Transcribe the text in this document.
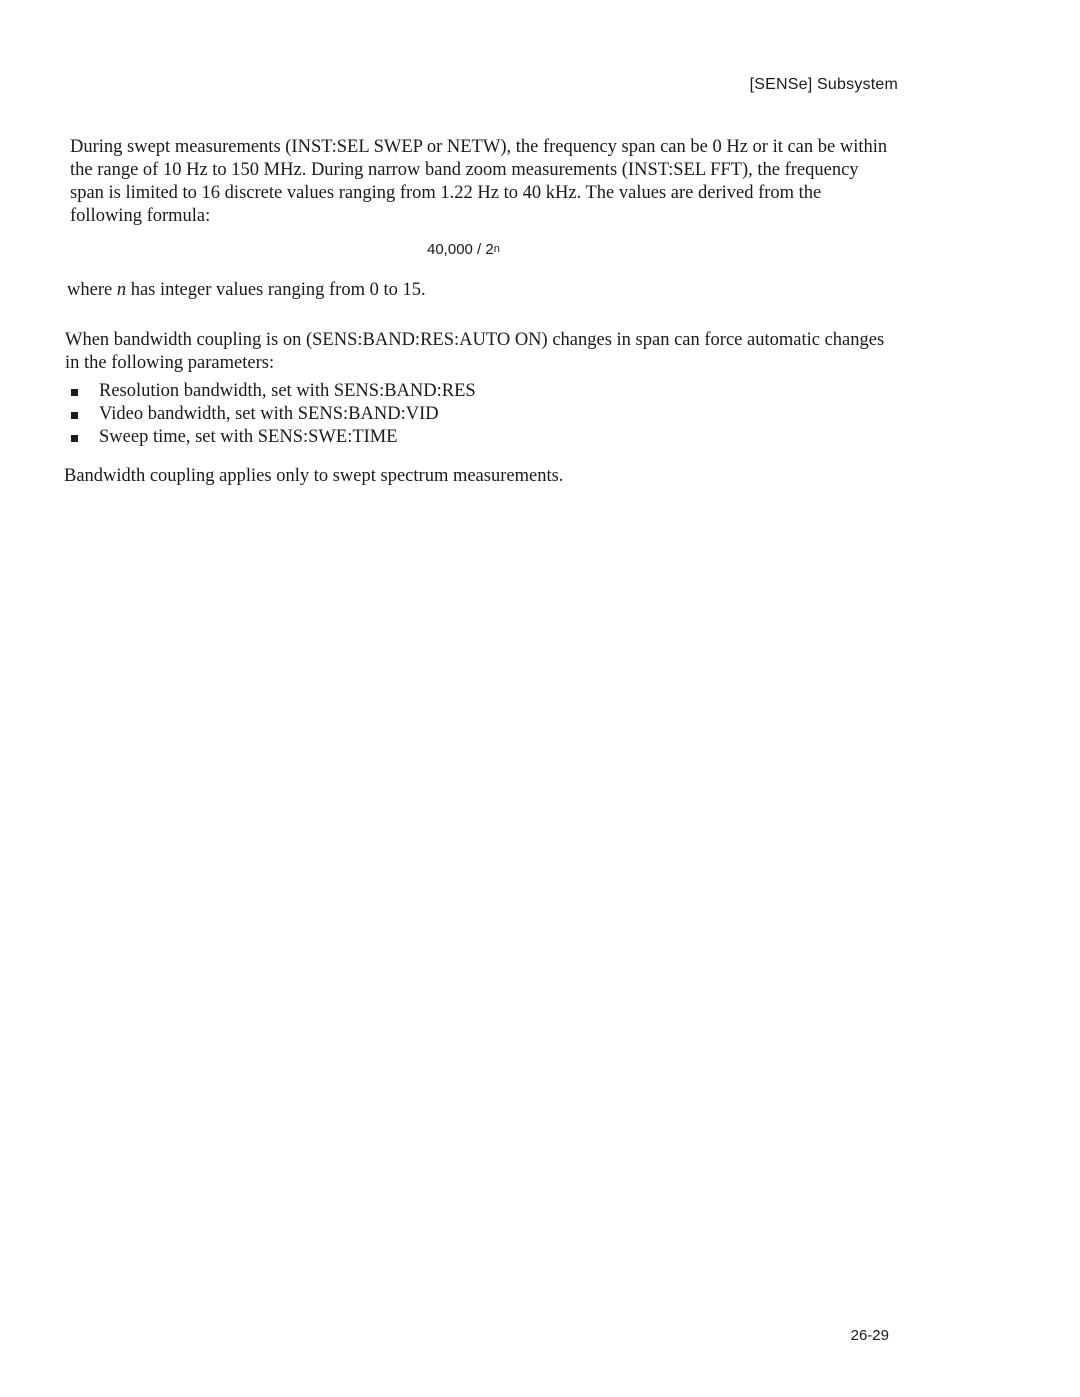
[SENSe] Subsystem
During swept measurements (INST:SEL SWEP or NETW), the frequency span can be 0 Hz or it can be within the range of 10 Hz to 150 MHz. During narrow band zoom measurements (INST:SEL FFT), the frequency span is limited to 16 discrete values ranging from 1.22 Hz to 40 kHz. The values are derived from the following formula:
40,000 / 2$^n$
where n has integer values ranging from 0 to 15.
When bandwidth coupling is on (SENS:BAND:RES:AUTO ON) changes in span can force automatic changes in the following parameters:
Resolution bandwidth, set with SENS:BAND:RES
Video bandwidth, set with SENS:BAND:VID
Sweep time, set with SENS:SWE:TIME
Bandwidth coupling applies only to swept spectrum measurements.
26-29
